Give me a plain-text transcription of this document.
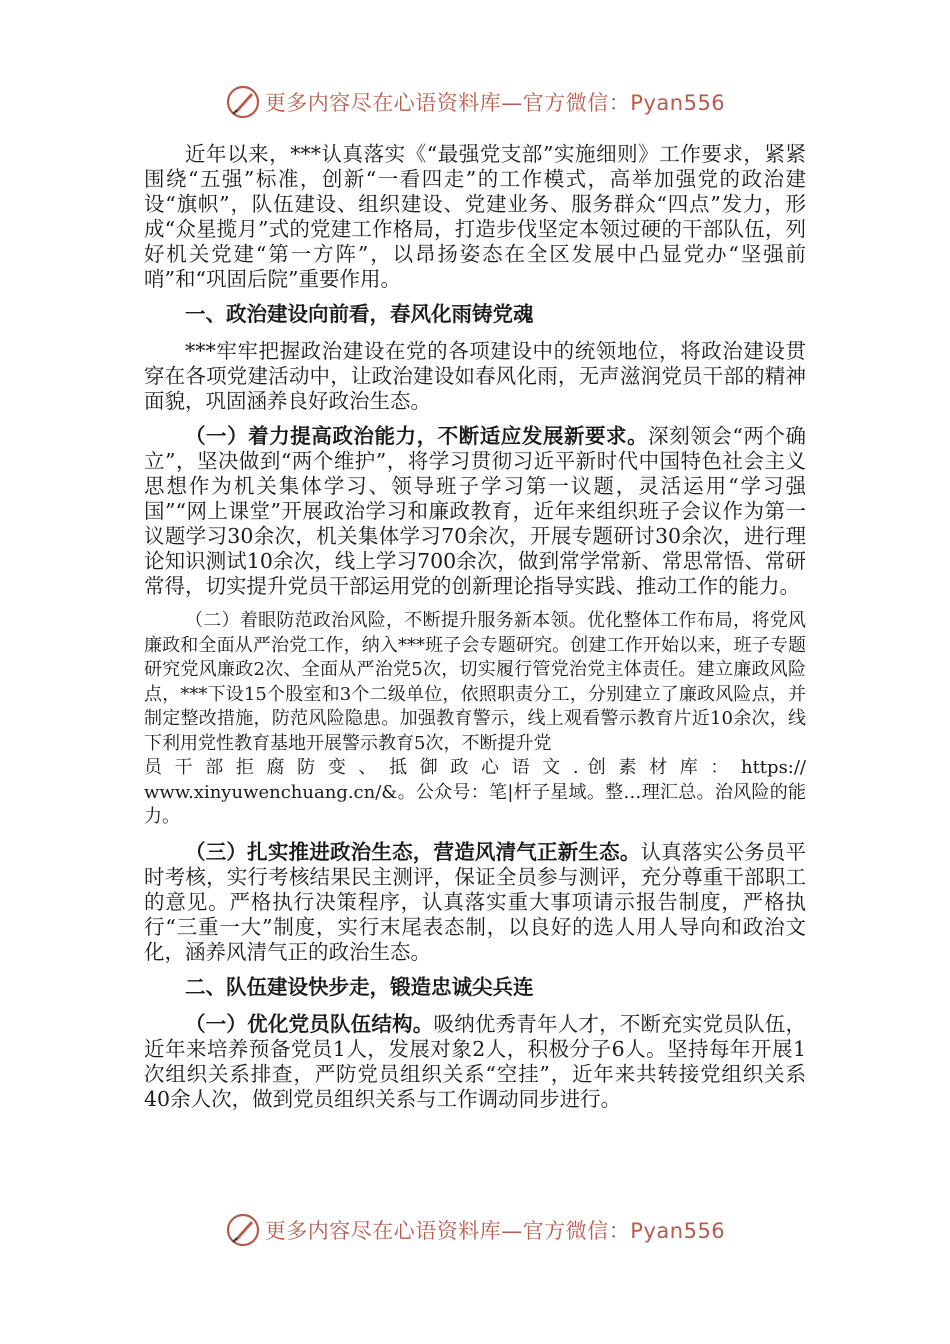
更多内容尽在心语资料库—官方微信：Pyan556

近年以来，***认真落实《“最强党支部”实施细则》工作要求，紧紧围绕“五强”标准，创新“一看四走”的工作模式，高举加强党的政治建设“旗帜”，队伍建设、组织建设、党建业务、服务群众“四点”发力，形成“众星揽月”式的党建工作格局，打造步伐坚定本领过硬的干部队伍，列好机关党建“第一方阵”，以昂扬姿态在全区发展中凸显党办“坚强前哨”和“巩固后院”重要作用。

一、政治建设向前看，春风化雨铸党魂

***牢牢把握政治建设在党的各项建设中的统领地位，将政治建设贯穿在各项党建活动中，让政治建设如春风化雨，无声滋润党员干部的精神面貌，巩固涵养良好政治生态。

（一）着力提高政治能力，不断适应发展新要求。深刻领会“两个确立”，坚决做到“两个维护”，将学习贯彻习近平新时代中国特色社会主义思想作为机关集体学习、领导班子学习第一议题，灵活运用“学习强国”“网上课堂”开展政治学习和廉政教育，近年来组织班子会议作为第一议题学习30余次，机关集体学习70余次，开展专题研讨30余次，进行理论知识测试10余次，线上学习700余次，做到常学常新、常思常悟、常研常得，切实提升党员干部运用党的创新理论指导实践、推动工作的能力。

（二）着眼防范政治风险，不断提升服务新本领。优化整体工作布局，将党风廉政和全面从严治党工作，纳入***班子会专题研究。创建工作开始以来，班子专题研究党风廉政2次、全面从严治党5次，切实履行管党治党主体责任。建立廉政风险点，***下设15个股室和3个二级单位，依照职责分工，分别建立了廉政风险点，并制定整改措施，防范风险隐患。加强教育警示，线上观看警示教育片近10余次，线下利用党性教育基地开展警示教育5次，不断提升党

员 干 部 拒 腐 防 变 、 抵 御 政 心 语 文 . 创 素 材 库 ： https://

www.xinyuwenchuang.cn/&。公众号：笔|杆子星域。整…理汇总。治风险的能力。

（三）扎实推进政治生态，营造风清气正新生态。认真落实公务员平时考核，实行考核结果民主测评，保证全员参与测评，充分尊重干部职工的意见。严格执行决策程序，认真落实重大事项请示报告制度，严格执行“三重一大”制度，实行末尾表态制，以良好的选人用人导向和政治文化，涵养风清气正的政治生态。

二、队伍建设快步走，锻造忠诚尖兵连

（一）优化党员队伍结构。吸纳优秀青年人才，不断充实党员队伍，近年来培养预备党员1人，发展对象2人，积极分子6人。坚持每年开展1次组织关系排查，严防党员组织关系“空挂”，近年来共转接党组织关系40余人次，做到党员组织关系与工作调动同步进行。

更多内容尽在心语资料库—官方微信：Pyan556
